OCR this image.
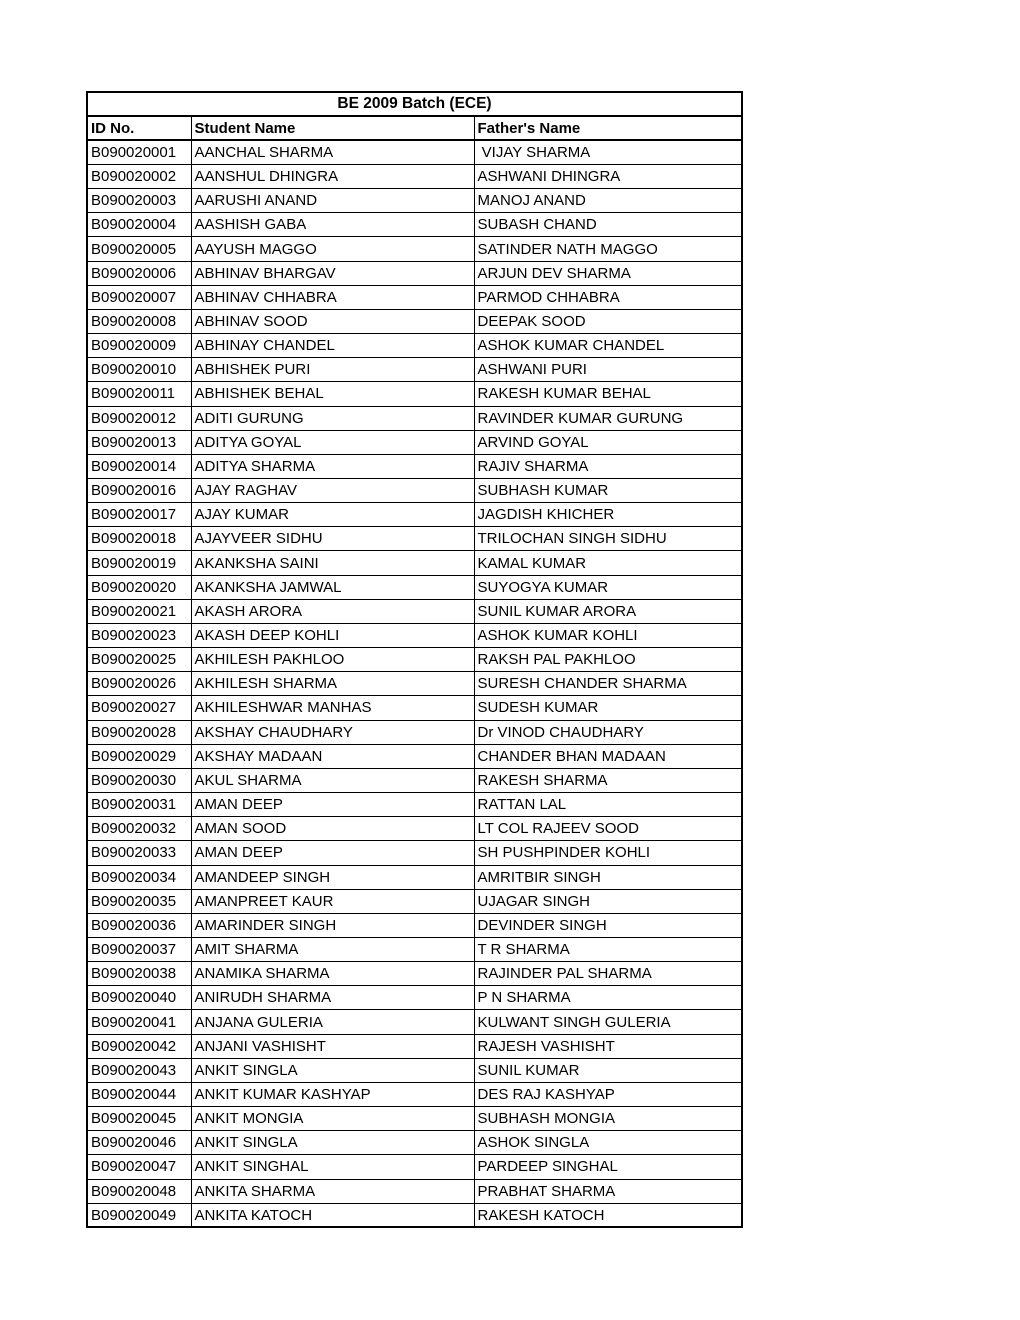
BE 2009 Batch (ECE)		
ID No.	Student Name	Father's Name
B090020001	AANCHAL SHARMA	VIJAY SHARMA
B090020002	AANSHUL DHINGRA	ASHWANI DHINGRA
B090020003	AARUSHI ANAND	MANOJ ANAND
B090020004	AASHISH GABA	SUBASH CHAND
B090020005	AAYUSH MAGGO	SATINDER NATH MAGGO
B090020006	ABHINAV BHARGAV	ARJUN DEV SHARMA
B090020007	ABHINAV CHHABRA	PARMOD CHHABRA
B090020008	ABHINAV SOOD	DEEPAK SOOD
B090020009	ABHINAY CHANDEL	ASHOK KUMAR CHANDEL
B090020010	ABHISHEK PURI	ASHWANI PURI
B090020011	ABHISHEK BEHAL	RAKESH KUMAR BEHAL
B090020012	ADITI GURUNG	RAVINDER KUMAR GURUNG
B090020013	ADITYA GOYAL	ARVIND GOYAL
B090020014	ADITYA SHARMA	RAJIV SHARMA
B090020016	AJAY RAGHAV	SUBHASH KUMAR
B090020017	AJAY KUMAR	JAGDISH KHICHER
B090020018	AJAYVEER SIDHU	TRILOCHAN SINGH SIDHU
B090020019	AKANKSHA SAINI	KAMAL KUMAR
B090020020	AKANKSHA JAMWAL	SUYOGYA KUMAR
B090020021	AKASH ARORA	SUNIL KUMAR ARORA
B090020023	AKASH DEEP KOHLI	ASHOK KUMAR KOHLI
B090020025	AKHILESH PAKHLOO	RAKSH PAL PAKHLOO
B090020026	AKHILESH SHARMA	SURESH CHANDER SHARMA
B090020027	AKHILESHWAR MANHAS	SUDESH KUMAR
B090020028	AKSHAY CHAUDHARY	Dr VINOD CHAUDHARY
B090020029	AKSHAY MADAAN	CHANDER BHAN MADAAN
B090020030	AKUL SHARMA	RAKESH SHARMA
B090020031	AMAN DEEP	RATTAN LAL
B090020032	AMAN SOOD	LT COL RAJEEV SOOD
B090020033	AMAN DEEP	SH PUSHPINDER KOHLI
B090020034	AMANDEEP SINGH	AMRITBIR SINGH
B090020035	AMANPREET KAUR	UJAGAR SINGH
B090020036	AMARINDER SINGH	DEVINDER SINGH
B090020037	AMIT SHARMA	T R SHARMA
B090020038	ANAMIKA SHARMA	RAJINDER PAL SHARMA
B090020040	ANIRUDH SHARMA	P N SHARMA
B090020041	ANJANA GULERIA	KULWANT SINGH GULERIA
B090020042	ANJANI VASHISHT	RAJESH VASHISHT
B090020043	ANKIT SINGLA	SUNIL KUMAR
B090020044	ANKIT KUMAR KASHYAP	DES RAJ KASHYAP
B090020045	ANKIT MONGIA	SUBHASH MONGIA
B090020046	ANKIT SINGLA	ASHOK SINGLA
B090020047	ANKIT SINGHAL	PARDEEP SINGHAL
B090020048	ANKITA SHARMA	PRABHAT SHARMA
B090020049	ANKITA KATOCH	RAKESH KATOCH
